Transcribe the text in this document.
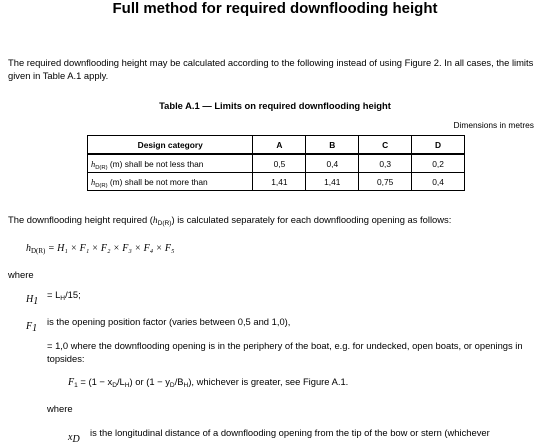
Full method for required downflooding height
The required downflooding height may be calculated according to the following instead of using Figure 2. In all cases, the limits given in Table A.1 apply.
Table A.1 — Limits on required downflooding height
Dimensions in metres
Design category	A	B	C	D
$h_{D(R)}$ (m) shall be not less than	0,5	0,4	0,3	0,2
$h_{D(R)}$ (m) shall be not more than	1,41	1,41	0,75	0,4
The downflooding height required $(h_{D(R)})$ is calculated separately for each downflooding opening as follows:
$h_{D(R)} = H_1 \times F_1 \times F_2 \times F_3 \times F_4 \times F_5$
where
$H_1$
= $L_H/15$;
$F_1$
is the opening position factor (varies between 0,5 and 1,0),
= 1,0 where the downflooding opening is in the periphery of the boat, e.g. for undecked, open boats, or openings in topsides:
$F_1 = (1 - x_D/L_H)$ or $(1 - y_D/B_H)$, whichever is greater, see Figure A.1.
where
$x_D$
is the longitudinal distance of a downflooding opening from the tip of the bow or stern (whichever
